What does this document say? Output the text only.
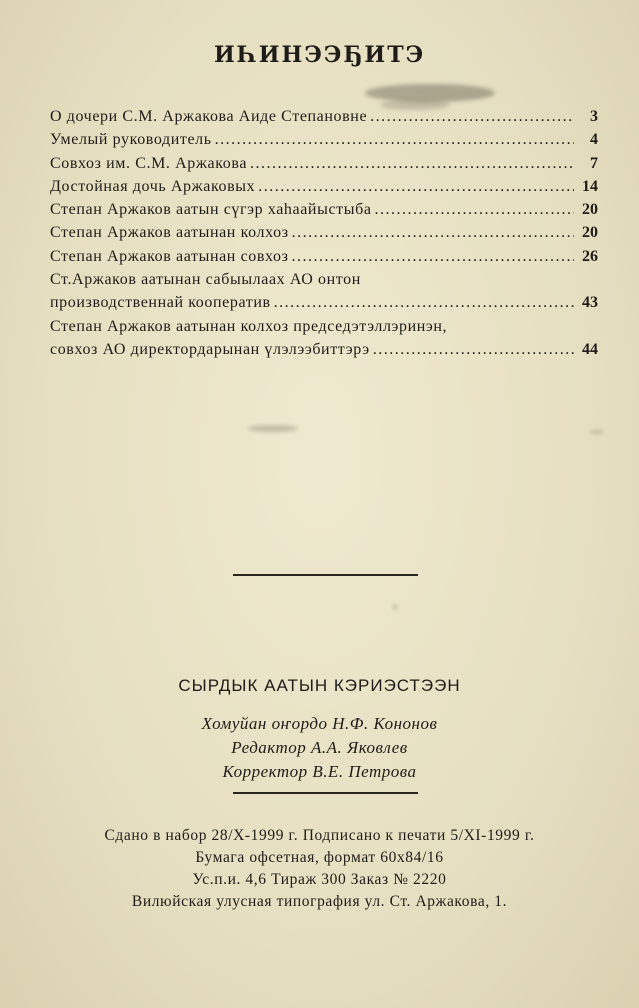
ИҺИНЭЭҔИТЭ
О дочери С.М. Аржакова Аиде Степановне .....	3
Умелый руководитель .....	4
Совхоз им. С.М. Аржакова .....	7
Достойная дочь Аржаковых .....	14
Степан Аржаков аатын сүгэр хаһаайыстыба .....	20
Степан Аржаков аатынан колхоз .....	20
Степан Аржаков аатынан совхоз .....	26
Ст.Аржаков аатынан сабыылаах АО онтон
производственнай кооператив .....	43
Степан Аржаков аатынан колхоз председэтэллэринэн,
совхоз АО директордарынан үлэлээбиттэрэ .....	44
СЫРДЫК ААТЫН КЭРИЭСТЭЭН
Хомуйан оҥордо Н.Ф. Кононов
Редактор А.А. Яковлев
Корректор В.Е. Петрова
Сдано в набор 28/Х-1999 г. Подписано к печати 5/XI-1999 г.
Бумага офсетная, формат 60х84/16
Ус.п.и. 4,6 Тираж 300 Заказ № 2220
Вилюйская улусная типография ул. Ст. Аржакова, 1.
